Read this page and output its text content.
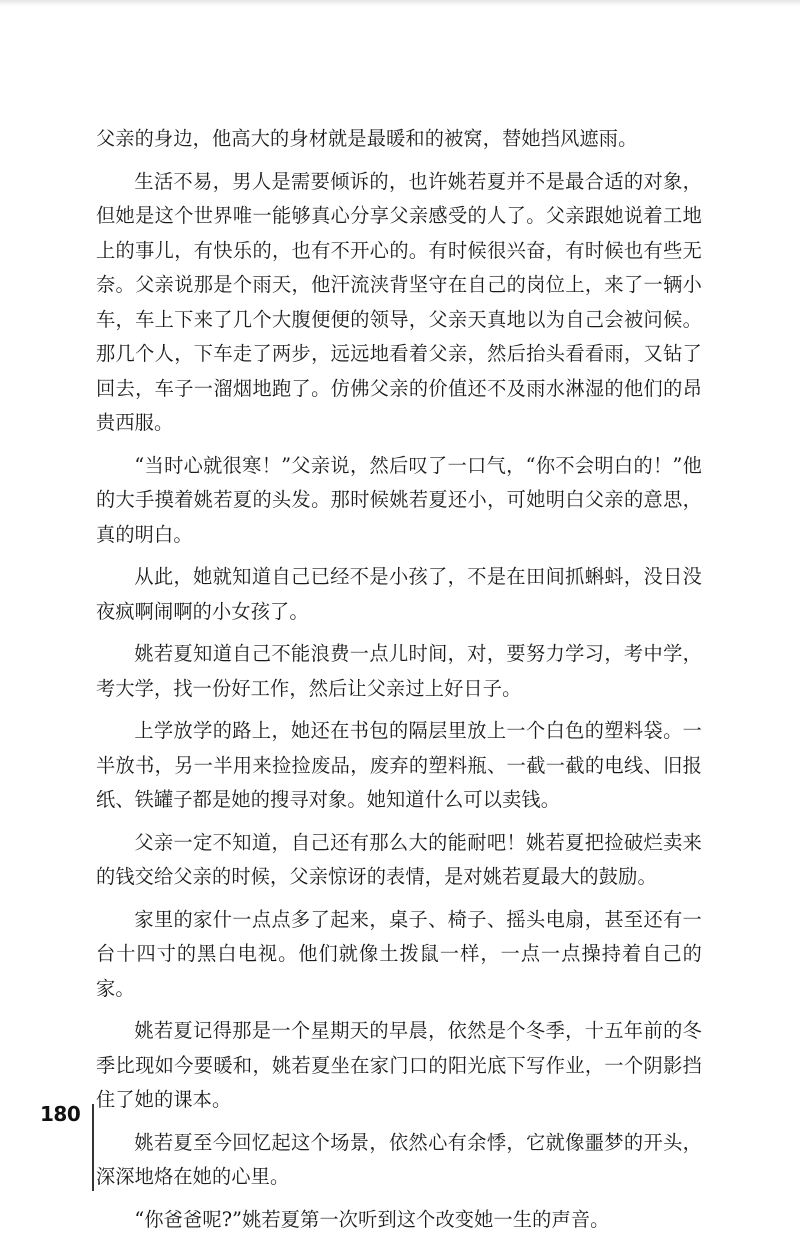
父亲的身边，他高大的身材就是最暖和的被窝，替她挡风遮雨。

生活不易，男人是需要倾诉的，也许姚若夏并不是最合适的对象，但她是这个世界唯一能够真心分享父亲感受的人了。父亲跟她说着工地上的事儿，有快乐的，也有不开心的。有时候很兴奋，有时候也有些无奈。父亲说那是个雨天，他汗流浃背坚守在自己的岗位上，来了一辆小车，车上下来了几个大腹便便的领导，父亲天真地以为自己会被问候。那几个人，下车走了两步，远远地看着父亲，然后抬头看看雨，又钻了回去，车子一溜烟地跑了。仿佛父亲的价值还不及雨水淋湿的他们的昂贵西服。

“当时心就很寒！”父亲说，然后叹了一口气，“你不会明白的！”他的大手摸着姚若夏的头发。那时候姚若夏还小，可她明白父亲的意思，真的明白。

从此，她就知道自己已经不是小孩了，不是在田间抓蝌蚪，没日没夜疯啊闹啊的小女孩了。

姚若夏知道自己不能浪费一点儿时间，对，要努力学习，考中学，考大学，找一份好工作，然后让父亲过上好日子。

上学放学的路上，她还在书包的隔层里放上一个白色的塑料袋。一半放书，另一半用来捡捡废品，废弃的塑料瓶、一截一截的电线、旧报纸、铁罐子都是她的搜寻对象。她知道什么可以卖钱。

父亲一定不知道，自己还有那么大的能耐吧！姚若夏把捡破烂卖来的钱交给父亲的时候，父亲惊讶的表情，是对姚若夏最大的鼓励。

家里的家什一点点多了起来，桌子、椅子、摇头电扇，甚至还有一台十四寸的黑白电视。他们就像土拨鼠一样，一点一点操持着自己的家。

姚若夏记得那是一个星期天的早晨，依然是个冬季，十五年前的冬季比现如今要暖和，姚若夏坐在家门口的阳光底下写作业，一个阴影挡住了她的课本。

姚若夏至今回忆起这个场景，依然心有余悸，它就像噩梦的开头，深深地烙在她的心里。

“你爸爸呢?”姚若夏第一次听到这个改变她一生的声音。

180
